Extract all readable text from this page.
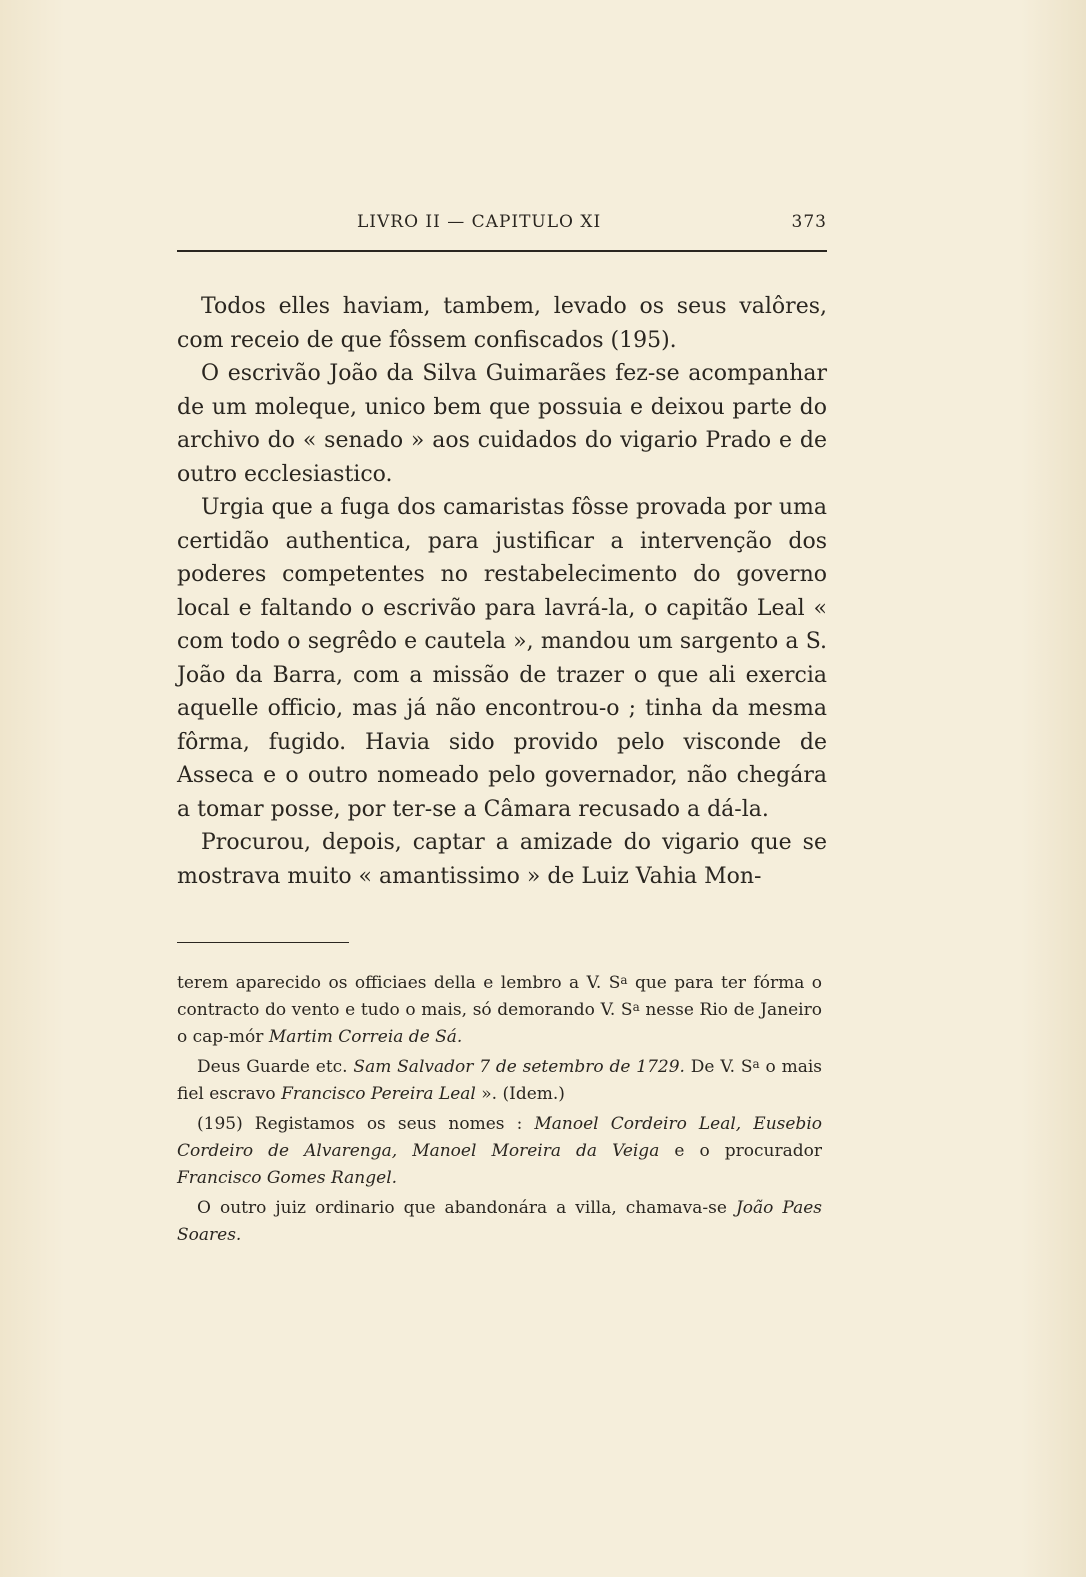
LIVRO II — CAPITULO XI	373

Todos elles haviam, tambem, levado os seus valôres, com receio de que fôssem confiscados (195).

O escrivão João da Silva Guimarães fez-se acompanhar de um moleque, unico bem que possuia e deixou parte do archivo do « senado » aos cuidados do vigario Prado e de outro ecclesiastico.

Urgia que a fuga dos camaristas fôsse provada por uma certidão authentica, para justificar a intervenção dos poderes competentes no restabelecimento do governo local e faltando o escrivão para lavrá-la, o capitão Leal « com todo o segrêdo e cautela », mandou um sargento a S. João da Barra, com a missão de trazer o que ali exercia aquelle officio, mas já não encontrou-o ; tinha da mesma fôrma, fugido. Havia sido provido pelo visconde de Asseca e o outro nomeado pelo governador, não chegára a tomar posse, por ter-se a Câmara recusado a dá-la.

Procurou, depois, captar a amizade do vigario que se mostrava muito « amantissimo » de Luiz Vahia Mon-

terem aparecido os officiaes della e lembro a V. $S^a$ que para ter fórma o contracto do vento e tudo o mais, só demorando V. $S^a$ nesse Rio de Janeiro o cap-mór Martim Correia de Sá.

Deus Guarde etc. Sam Salvador 7 de setembro de 1729. De V. $S^a$ o mais fiel escravo Francisco Pereira Leal ». (Idem.)

(195) Registamos os seus nomes : Manoel Cordeiro Leal, Eusebio Cordeiro de Alvarenga, Manoel Moreira da Veiga e o procurador Francisco Gomes Rangel.

O outro juiz ordinario que abandonára a villa, chamava-se João Paes Soares.
